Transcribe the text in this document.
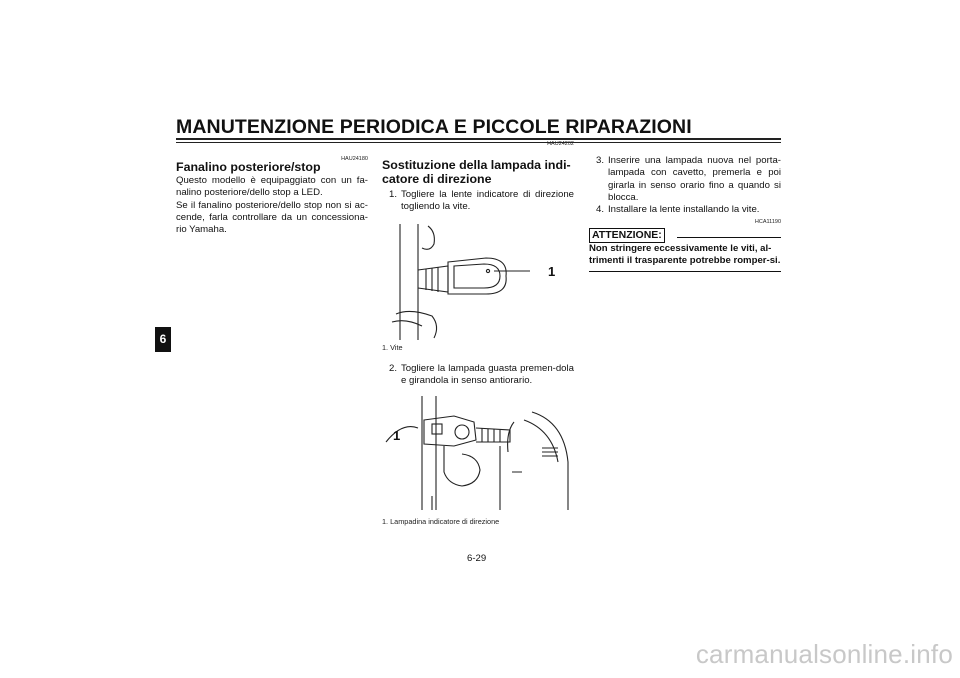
MANUTENZIONE PERIODICA E PICCOLE RIPARAZIONI
6
HAU24180
Fanalino posteriore/stop
Questo modello è equipaggiato con un fa-nalino posteriore/dello stop a LED.
Se il fanalino posteriore/dello stop non si ac-cende, farla controllare da un concessiona-rio Yamaha.
HAU24202
Sostituzione della lampada indi-catore di direzione
1. Togliere la lente indicatore di direzione togliendo la vite.
1
1. Vite
2. Togliere la lampada guasta premen-dola e girandola in senso antiorario.
1
1. Lampadina indicatore di direzione
3. Inserire una lampada nuova nel porta-lampada con cavetto, premerla e poi girarla in senso orario fino a quando si blocca.
4. Installare la lente installando la vite.
HCA11190
ATTENZIONE:
Non stringere eccessivamente le viti, al-trimenti il trasparente potrebbe romper-si.
6-29
carmanualsonline.info
